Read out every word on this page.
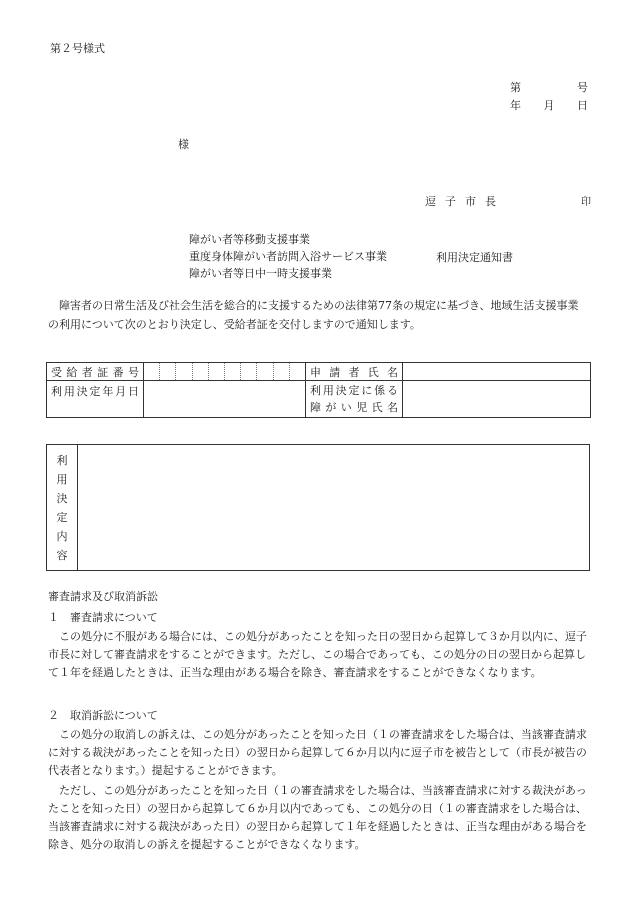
第２号様式
第	号
年 月 日
様
逗子市長	印
障がい者等移動支援事業
重度身体障がい者訪問入浴サービス事業
障がい者等日中一時支援事業
利用決定通知書
障害者の日常生活及び社会生活を総合的に支援するための法律第77条の規定に基づき、地域生活支援事業の利用について次のとおり決定し、受給者証を交付しますので通知します。
受給者証番号		申請者氏名	

利用決定年月日		利用決定に係る
障がい児氏名	

利
用
決
定
内
容
審査請求及び取消訴訟
１　審査請求について
この処分に不服がある場合には、この処分があったことを知った日の翌日から起算して３か月以内に、逗子市長に対して審査請求をすることができます。ただし、この場合であっても、この処分の日の翌日から起算して１年を経過したときは、正当な理由がある場合を除き、審査請求をすることができなくなります。
２　取消訴訟について
この処分の取消しの訴えは、この処分があったことを知った日（１の審査請求をした場合は、当該審査請求に対する裁決があったことを知った日）の翌日から起算して６か月以内に逗子市を被告として（市長が被告の代表者となります。）提起することができます。
ただし、この処分があったことを知った日（１の審査請求をした場合は、当該審査請求に対する裁決があったことを知った日）の翌日から起算して６か月以内であっても、この処分の日（１の審査請求をした場合は、当該審査請求に対する裁決があった日）の翌日から起算して１年を経過したときは、正当な理由がある場合を除き、処分の取消しの訴えを提起することができなくなります。
